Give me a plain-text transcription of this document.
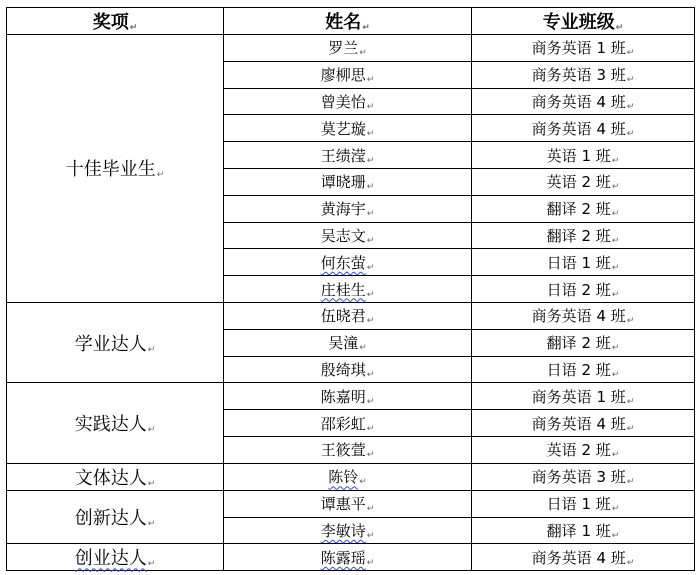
奖项↵	姓名↵	专业班级↵
十佳毕业生↵	罗兰↵	商务英语 1 班↵
	廖柳思↵	商务英语 3 班↵
	曾美怡↵	商务英语 4 班↵
	莫艺璇↵	商务英语 4 班↵
	王绩滢↵	英语 1 班↵
	谭晓珊↵	英语 2 班↵
	黄海宇↵	翻译 2 班↵
	吴志文↵	翻译 2 班↵
	何东萤↵	日语 1 班↵
	庄桂生↵	日语 2 班↵
学业达人↵	伍晓君↵	商务英语 4 班↵
	吴潼↵	翻译 2 班↵
	殷绮琪↵	日语 2 班↵
实践达人↵	陈嘉明↵	商务英语 1 班↵
	邵彩虹↵	商务英语 4 班↵
	王筱萱↵	英语 2 班↵
文体达人↵	陈铃↵	商务英语 3 班↵
创新达人↵	谭惠平↵	日语 1 班↵
	李敏诗↵	翻译 1 班↵
创业达人↵	陈露瑶↵	商务英语 4 班↵
